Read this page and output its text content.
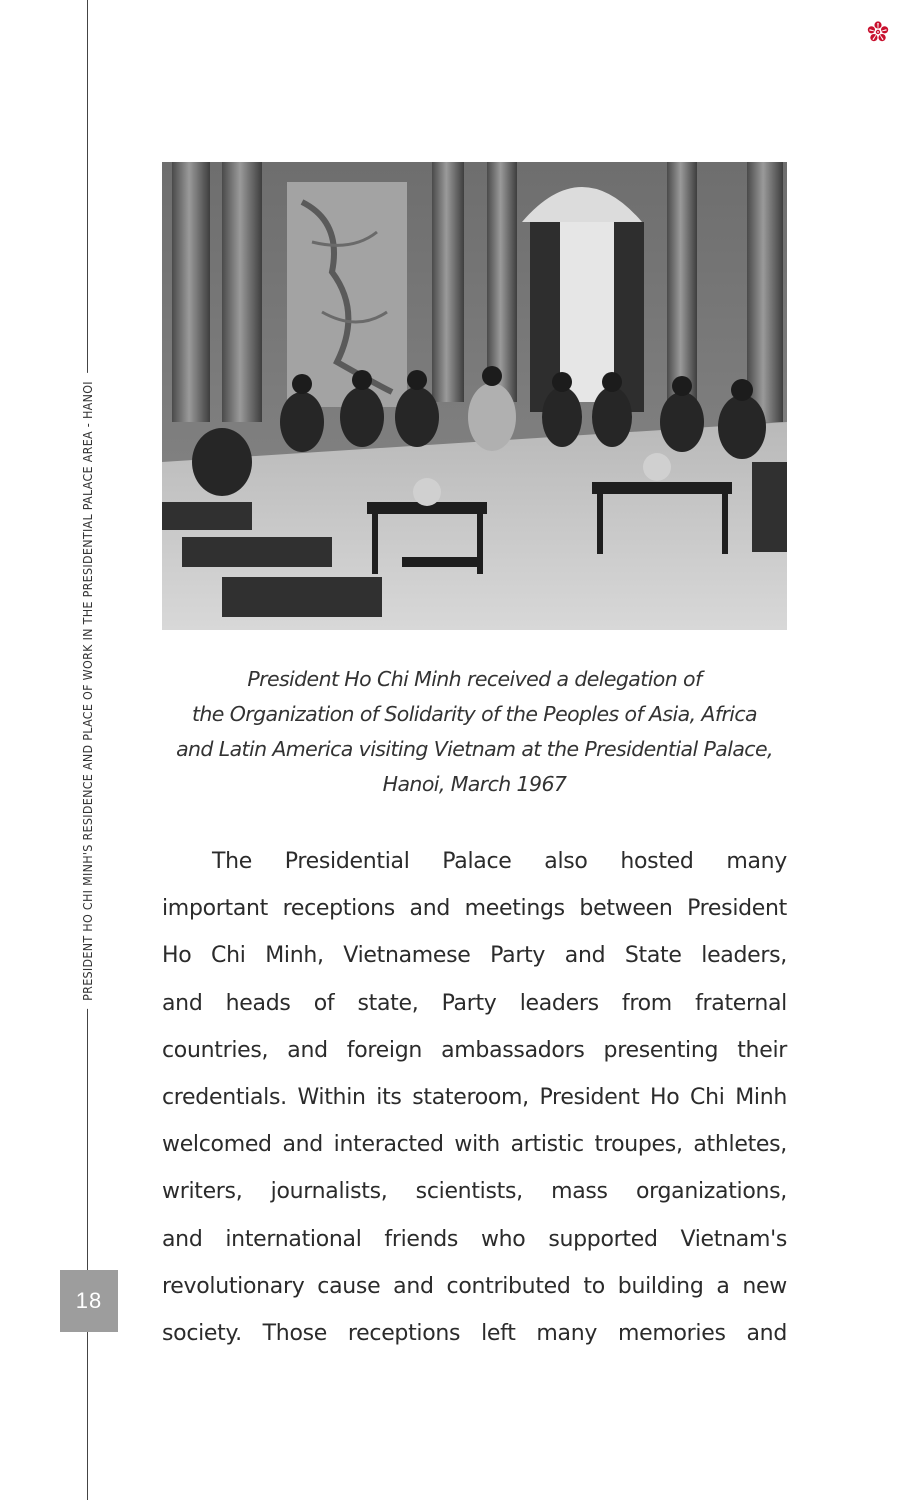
PRESIDENT HO CHI MINH'S RESIDENCE AND PLACE OF WORK IN THE PRESIDENTIAL PALACE AREA - HANOI
18
President Ho Chi Minh received a delegation of
the Organization of Solidarity of the Peoples of Asia, Africa
and Latin America visiting Vietnam at the Presidential Palace,
Hanoi, March 1967
The Presidential Palace also hosted many
important receptions and meetings between President
Ho Chi Minh, Vietnamese Party and State leaders,
and heads of state, Party leaders from fraternal
countries, and foreign ambassadors presenting their
credentials. Within its stateroom, President Ho Chi Minh
welcomed and interacted with artistic troupes, athletes,
writers, journalists, scientists, mass organizations,
and international friends who supported Vietnam's
revolutionary cause and contributed to building a new
society. Those receptions left many memories and
